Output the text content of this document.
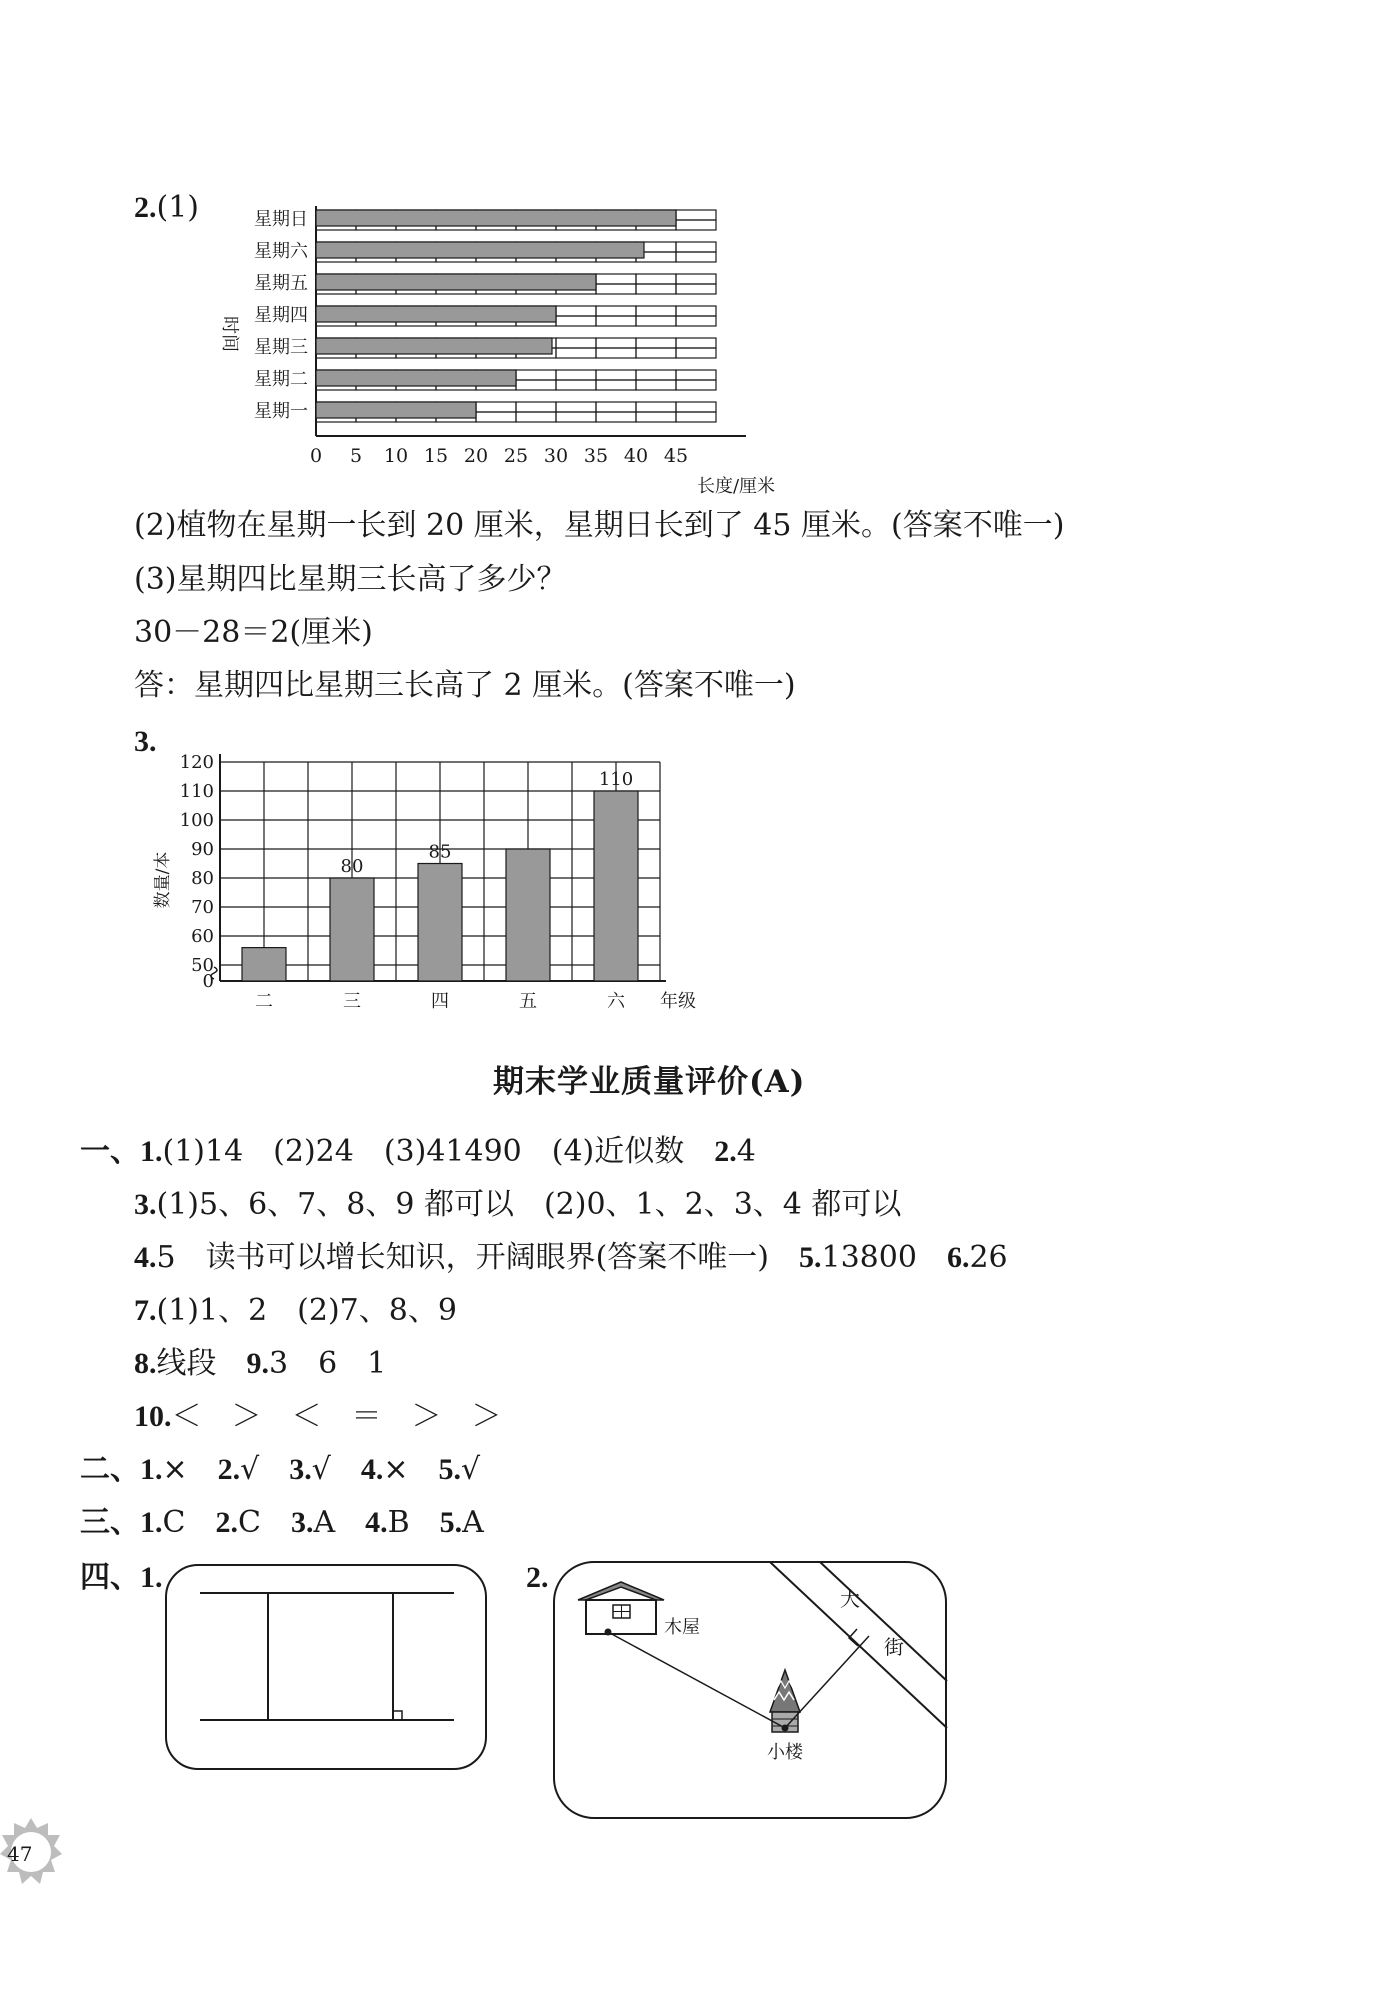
2.(1)	星期日
星期六
星期五
星期四
星期三
星期二
星期一
0 5 10 15 20 25 30 35 40 45
长度/厘米
时间
(2)植物在星期一长到 20 厘米，星期日长到了 45 厘米。(答案不唯一)
(3)星期四比星期三长高了多少？
30－28＝2(厘米)
答：星期四比星期三长高了 2 厘米。(答案不唯一)
3.
0
50
60
70
80
90
100
110
120
二
80
三
85
四	五
110
六 年级
数量/本
期末学业质量评价(A)
一、1.(1)14　(2)24　(3)41490　(4)近似数　 2.4
3.(1)5、6、7、8、9 都可以　(2)0、1、2、3、4 都可以
4.5　读书可以增长知识，开阔眼界(答案不唯一)　 5.13800　 6.26
7.(1)1、2　(2)7、8、9
8.线段　 9.3　6　1
10.＜　＞　＜　＝　＞　＞
二、1.×　 2.√　 3.√　 4.×　 5.√
三、1.C　 2.C　 3.A　 4.B　 5.A
四、1.	2.
大
街
木屋
小楼
47
